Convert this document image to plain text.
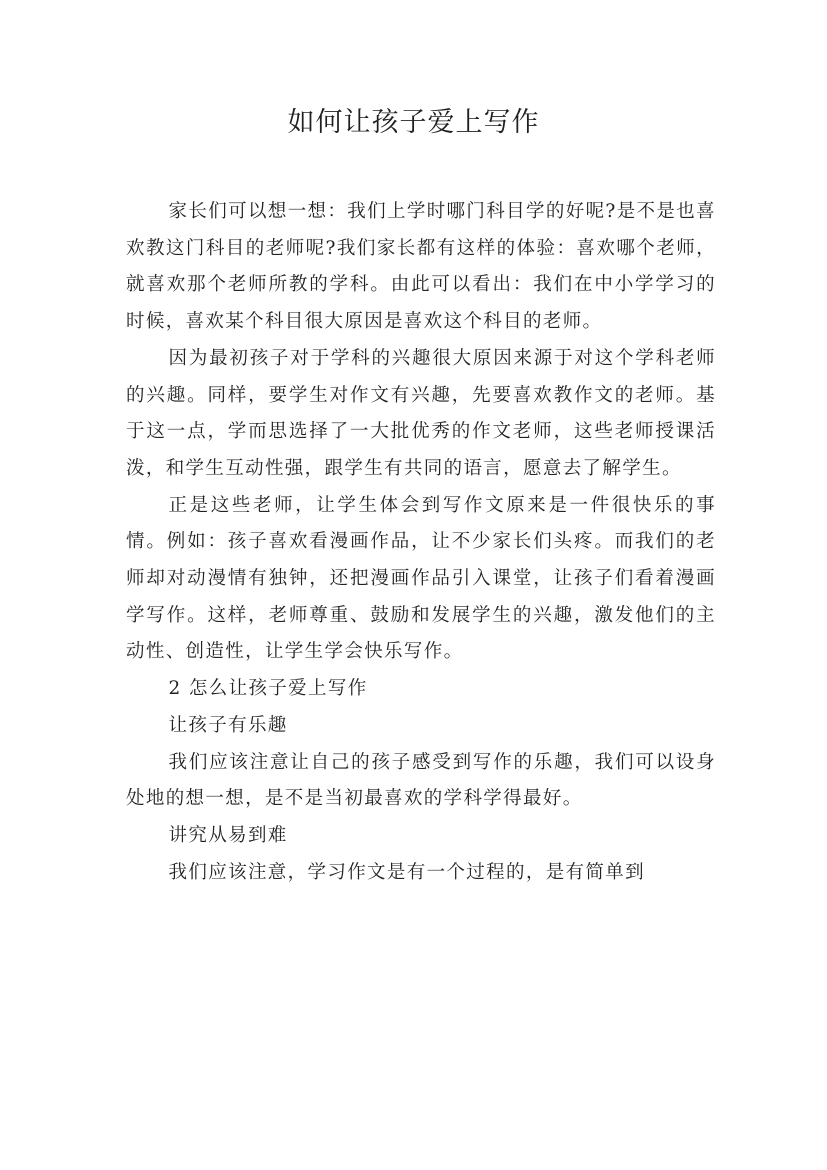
如何让孩子爱上写作

家长们可以想一想：我们上学时哪门科目学的好呢?是不是也喜欢教这门科目的老师呢?我们家长都有这样的体验：喜欢哪个老师，就喜欢那个老师所教的学科。由此可以看出：我们在中小学学习的时候，喜欢某个科目很大原因是喜欢这个科目的老师。

因为最初孩子对于学科的兴趣很大原因来源于对这个学科老师的兴趣。同样，要学生对作文有兴趣，先要喜欢教作文的老师。基于这一点，学而思选择了一大批优秀的作文老师，这些老师授课活泼，和学生互动性强，跟学生有共同的语言，愿意去了解学生。

正是这些老师，让学生体会到写作文原来是一件很快乐的事情。例如：孩子喜欢看漫画作品，让不少家长们头疼。而我们的老师却对动漫情有独钟，还把漫画作品引入课堂，让孩子们看着漫画学写作。这样，老师尊重、鼓励和发展学生的兴趣，激发他们的主动性、创造性，让学生学会快乐写作。

2 怎么让孩子爱上写作

让孩子有乐趣

我们应该注意让自己的孩子感受到写作的乐趣，我们可以设身处地的想一想，是不是当初最喜欢的学科学得最好。

讲究从易到难

我们应该注意，学习作文是有一个过程的，是有简单到
